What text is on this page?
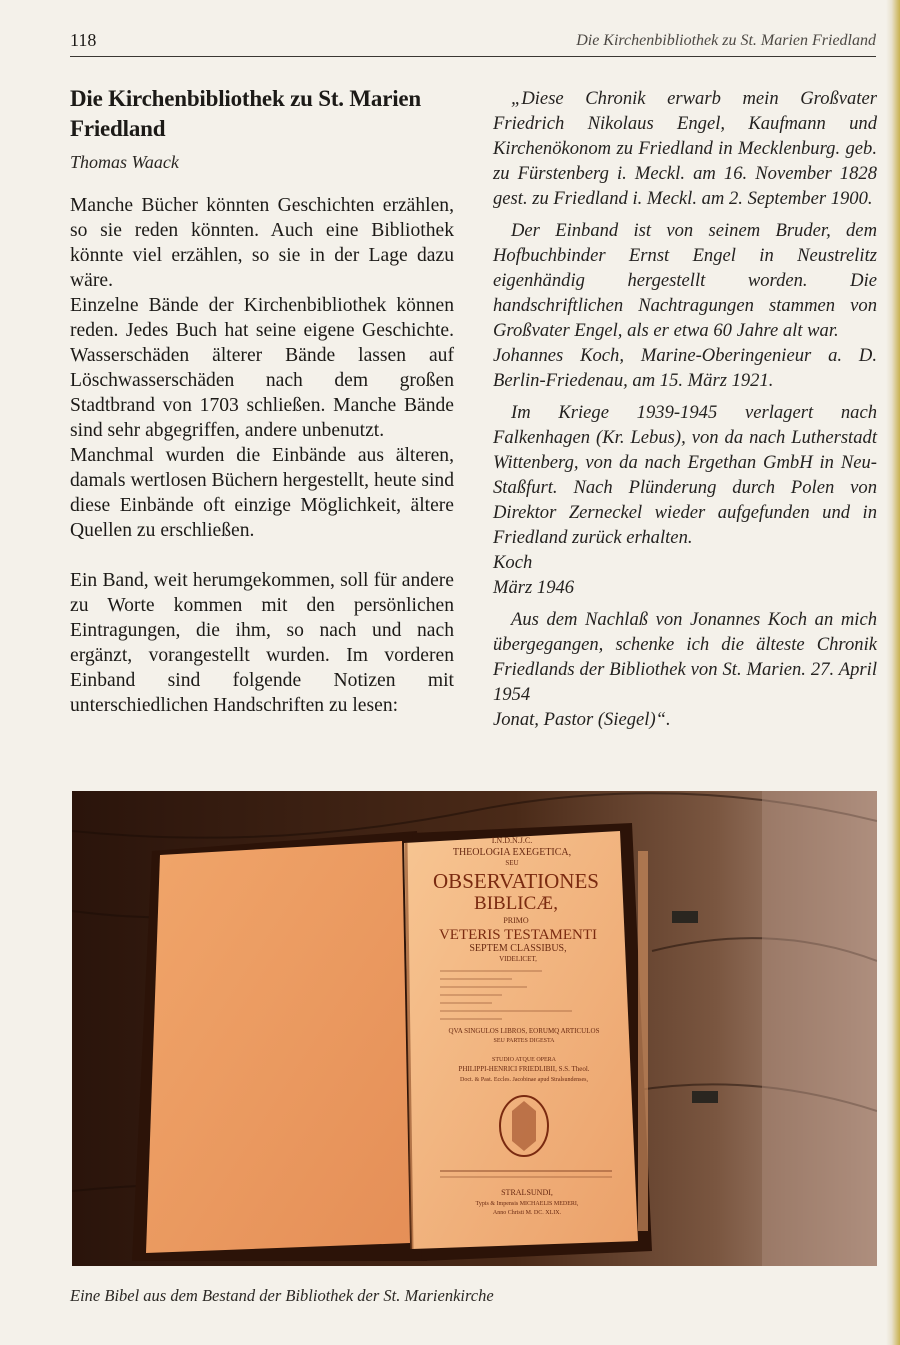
118	Die Kirchenbibliothek zu St. Marien Friedland
Die Kirchenbibliothek zu St. Marien Friedland
Thomas Waack

Manche Bücher könnten Geschichten erzählen, so sie reden könnten. Auch eine Bibliothek könnte viel erzählen, so sie in der Lage dazu wäre.

Einzelne Bände der Kirchenbibliothek können reden. Jedes Buch hat seine eigene Geschichte. Wasserschäden älterer Bände lassen auf Löschwasserschäden nach dem großen Stadtbrand von 1703 schließen. Manche Bände sind sehr abgegriffen, andere unbenutzt.

Manchmal wurden die Einbände aus älteren, damals wertlosen Büchern hergestellt, heute sind diese Einbände oft einzige Möglichkeit, ältere Quellen zu erschließen.

Ein Band, weit herumgekommen, soll für andere zu Worte kommen mit den persönlichen Eintragungen, die ihm, so nach und nach ergänzt, vorangestellt wurden. Im vorderen Einband sind folgende Notizen mit unterschiedlichen Handschriften zu lesen:

„Diese Chronik erwarb mein Großvater Friedrich Nikolaus Engel, Kaufmann und Kirchenökonom zu Friedland in Mecklenburg. geb. zu Fürstenberg i. Meckl. am 16. November 1828 gest. zu Friedland i. Meckl. am 2. September 1900.

Der Einband ist von seinem Bruder, dem Hofbuchbinder Ernst Engel in Neustrelitz eigenhändig hergestellt worden. Die handschriftlichen Nachtragungen stammen von Großvater Engel, als er etwa 60 Jahre alt war.

Johannes Koch, Marine-Oberingenieur a. D. Berlin-Friedenau, am 15. März 1921.

Im Kriege 1939-1945 verlagert nach Falkenhagen (Kr. Lebus), von da nach Lutherstadt Wittenberg, von da nach Ergethan GmbH in Neu-Staßfurt. Nach Plünderung durch Polen von Direktor Zerneckel wieder aufgefunden und in Friedland zurück erhalten.

Koch

März 1946

Aus dem Nachlaß von Jonannes Koch an mich übergegangen, schenke ich die älteste Chronik Friedlands der Bibliothek von St. Marien. 27. April 1954

Jonat, Pastor (Siegel)“.

I.N.D.N.J.C.
THEOLOGIA EXEGETICA,
SEU
OBSERVATIONES
BIBLICÆ,
PRIMO
VETERIS TESTAMENTI
SEPTEM CLASSIBUS,
VIDELICET,
QVA SINGULOS LIBROS, EORUMQ ARTICULOS
SEU PARTES DIGESTA
STUDIO ATQUE OPERA
PHILIPPI-HENRICI FRIEDLIBII, S.S. Theol.
Doct. & Past. Eccles. Jacobinae apud Stralsundenses,
STRALSUNDI,
Typis & Impensis MICHAELIS MEDERI,
Anno Christi M. DC. XLIX.
Eine Bibel aus dem Bestand der Bibliothek der St. Marienkirche
